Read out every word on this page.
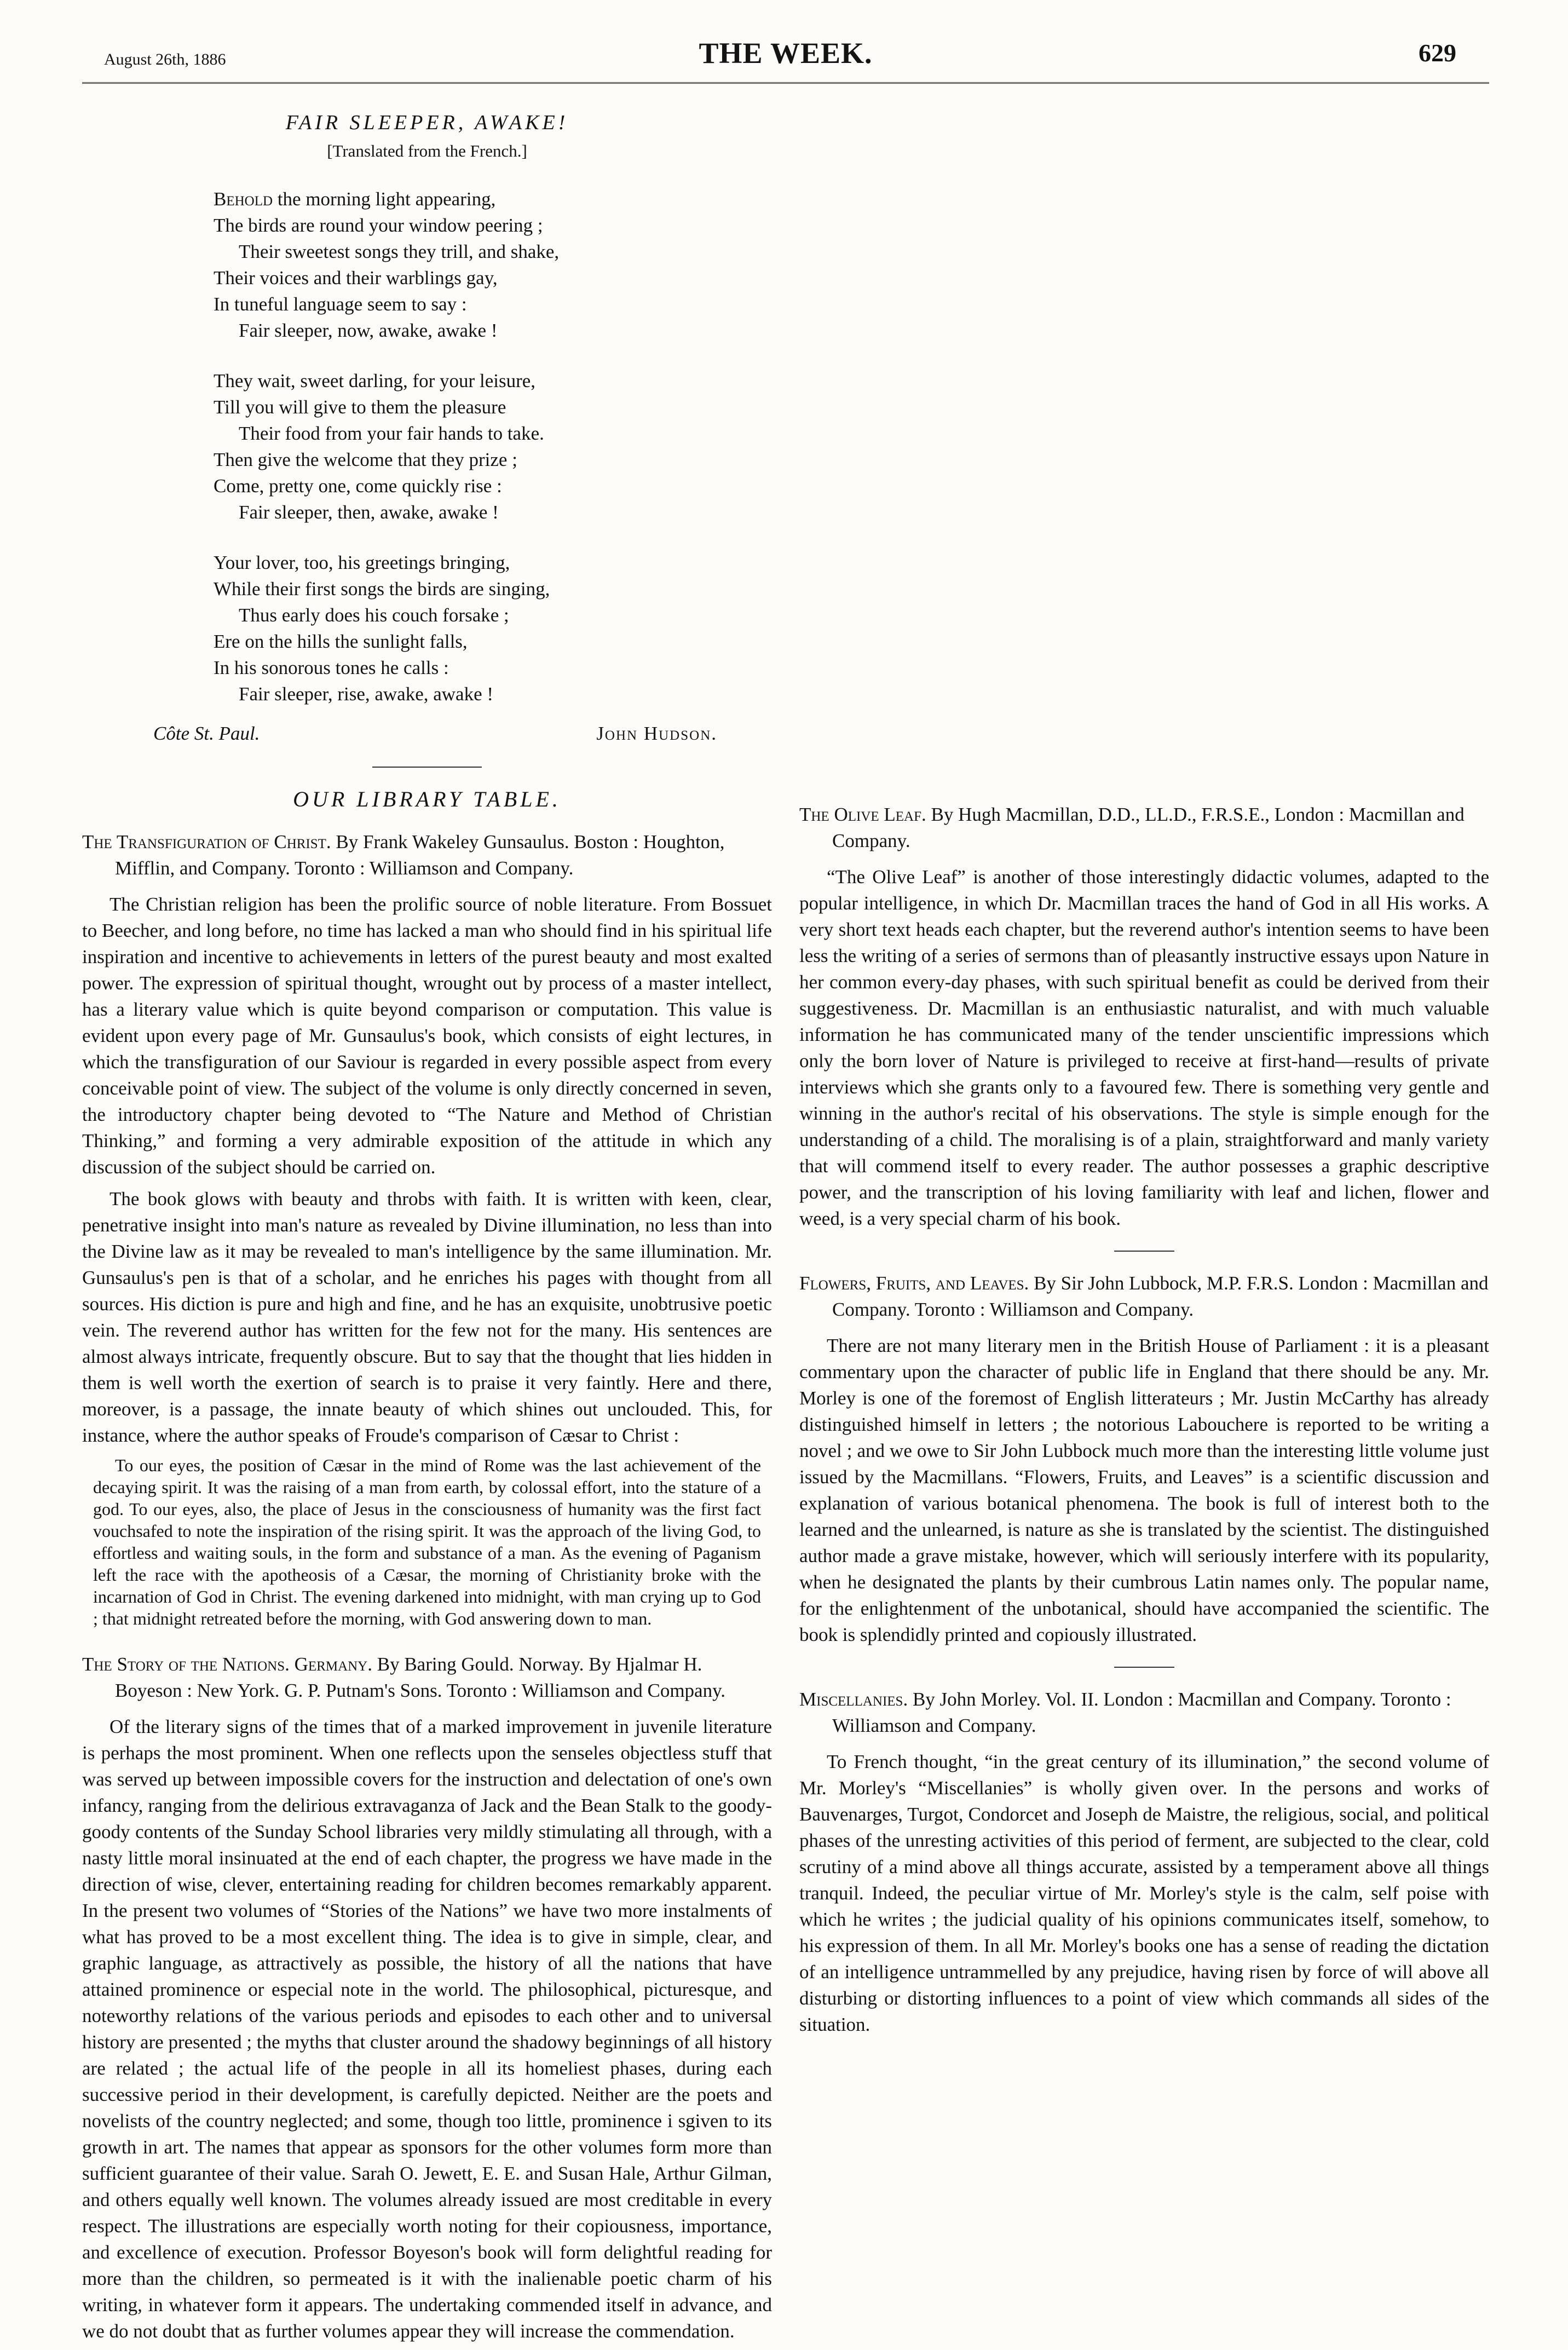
August 26th, 1886	THE WEEK.	629
FAIR SLEEPER, AWAKE!
[Translated from the French.]
Behold the morning light appearing,
The birds are round your window peering ;
Their sweetest songs they trill, and shake,
Their voices and their warblings gay,
In tuneful language seem to say :
Fair sleeper, now, awake, awake !
They wait, sweet darling, for your leisure,
Till you will give to them the pleasure
Their food from your fair hands to take.
Then give the welcome that they prize ;
Come, pretty one, come quickly rise :
Fair sleeper, then, awake, awake !
Your lover, too, his greetings bringing,
While their first songs the birds are singing,
Thus early does his couch forsake ;
Ere on the hills the sunlight falls,
In his sonorous tones he calls :
Fair sleeper, rise, awake, awake !
Côte St. Paul.	John Hudson.
OUR LIBRARY TABLE.
The Transfiguration of Christ. By Frank Wakeley Gunsaulus. Boston : Houghton, Mifflin, and Company. Toronto : Williamson and Company.

The Christian religion has been the prolific source of noble literature. From Bossuet to Beecher, and long before, no time has lacked a man who should find in his spiritual life inspiration and incentive to achievements in letters of the purest beauty and most exalted power. The expression of spiritual thought, wrought out by process of a master intellect, has a literary value which is quite beyond comparison or computation. This value is evident upon every page of Mr. Gunsaulus's book, which consists of eight lectures, in which the transfiguration of our Saviour is regarded in every possible aspect from every conceivable point of view. The subject of the volume is only directly concerned in seven, the introductory chapter being devoted to “The Nature and Method of Christian Thinking,” and forming a very admirable exposition of the attitude in which any discussion of the subject should be carried on.

The book glows with beauty and throbs with faith. It is written with keen, clear, penetrative insight into man's nature as revealed by Divine illumination, no less than into the Divine law as it may be revealed to man's intelligence by the same illumination. Mr. Gunsaulus's pen is that of a scholar, and he enriches his pages with thought from all sources. His diction is pure and high and fine, and he has an exquisite, unobtrusive poetic vein. The reverend author has written for the few not for the many. His sentences are almost always intricate, frequently obscure. But to say that the thought that lies hidden in them is well worth the exertion of search is to praise it very faintly. Here and there, moreover, is a passage, the innate beauty of which shines out unclouded. This, for instance, where the author speaks of Froude's comparison of Cæsar to Christ :

To our eyes, the position of Cæsar in the mind of Rome was the last achievement of the decaying spirit. It was the raising of a man from earth, by colossal effort, into the stature of a god. To our eyes, also, the place of Jesus in the consciousness of humanity was the first fact vouchsafed to note the inspiration of the rising spirit. It was the approach of the living God, to effortless and waiting souls, in the form and substance of a man. As the evening of Paganism left the race with the apotheosis of a Cæsar, the morning of Christianity broke with the incarnation of God in Christ. The evening darkened into midnight, with man crying up to God ; that midnight retreated before the morning, with God answering down to man.
The Story of the Nations. Germany. By Baring Gould. Norway. By Hjalmar H. Boyeson : New York. G. P. Putnam's Sons. Toronto : Williamson and Company.

Of the literary signs of the times that of a marked improvement in juvenile literature is perhaps the most prominent. When one reflects upon the senseles objectless stuff that was served up between impossible covers for the instruction and delectation of one's own infancy, ranging from the delirious extravaganza of Jack and the Bean Stalk to the goody-goody contents of the Sunday School libraries very mildly stimulating all through, with a nasty little moral insinuated at the end of each chapter, the progress we have made in the direction of wise, clever, entertaining reading for children becomes remarkably apparent. In the present two volumes of “Stories of the Nations” we have two more instalments of what has proved to be a most excellent thing. The idea is to give in simple, clear, and graphic language, as attractively as possible, the history of all the nations that have attained prominence or especial note in the world. The philosophical, picturesque, and noteworthy relations of the various periods and episodes to each other and to universal history are presented ; the myths that cluster around the shadowy beginnings of all history are related ; the actual life of the people in all its homeliest phases, during each successive period in their development, is carefully depicted. Neither are the poets and novelists of the country neglected; and some, though too little, prominence i sgiven to its growth in art. The names that appear as sponsors for the other volumes form more than sufficient guarantee of their value. Sarah O. Jewett, E. E. and Susan Hale, Arthur Gilman, and others equally well known. The volumes already issued are most creditable in every respect. The illustrations are especially worth noting for their copiousness, importance, and excellence of execution. Professor Boyeson's book will form delightful reading for more than the children, so permeated is it with the inalienable poetic charm of his writing, in whatever form it appears. The undertaking commended itself in advance, and we do not doubt that as further volumes appear they will increase the commendation.

The Olive Leaf. By Hugh Macmillan, D.D., LL.D., F.R.S.E., London : Macmillan and Company.

“The Olive Leaf” is another of those interestingly didactic volumes, adapted to the popular intelligence, in which Dr. Macmillan traces the hand of God in all His works. A very short text heads each chapter, but the reverend author's intention seems to have been less the writing of a series of sermons than of pleasantly instructive essays upon Nature in her common every-day phases, with such spiritual benefit as could be derived from their suggestiveness. Dr. Macmillan is an enthusiastic naturalist, and with much valuable information he has communicated many of the tender unscientific impressions which only the born lover of Nature is privileged to receive at first-hand—results of private interviews which she grants only to a favoured few. There is something very gentle and winning in the author's recital of his observations. The style is simple enough for the understanding of a child. The moralising is of a plain, straightforward and manly variety that will commend itself to every reader. The author possesses a graphic descriptive power, and the transcription of his loving familiarity with leaf and lichen, flower and weed, is a very special charm of his book.

Flowers, Fruits, and Leaves. By Sir John Lubbock, M.P. F.R.S. London : Macmillan and Company. Toronto : Williamson and Company.

There are not many literary men in the British House of Parliament : it is a pleasant commentary upon the character of public life in England that there should be any. Mr. Morley is one of the foremost of English litterateurs ; Mr. Justin McCarthy has already distinguished himself in letters ; the notorious Labouchere is reported to be writing a novel ; and we owe to Sir John Lubbock much more than the interesting little volume just issued by the Macmillans. “Flowers, Fruits, and Leaves” is a scientific discussion and explanation of various botanical phenomena. The book is full of interest both to the learned and the unlearned, is nature as she is translated by the scientist. The distinguished author made a grave mistake, however, which will seriously interfere with its popularity, when he designated the plants by their cumbrous Latin names only. The popular name, for the enlightenment of the unbotanical, should have accompanied the scientific. The book is splendidly printed and copiously illustrated.

Miscellanies. By John Morley. Vol. II. London : Macmillan and Company. Toronto : Williamson and Company.

To French thought, “in the great century of its illumination,” the second volume of Mr. Morley's “Miscellanies” is wholly given over. In the persons and works of Bauvenarges, Turgot, Condorcet and Joseph de Maistre, the religious, social, and political phases of the unresting activities of this period of ferment, are subjected to the clear, cold scrutiny of a mind above all things accurate, assisted by a temperament above all things tranquil. Indeed, the peculiar virtue of Mr. Morley's style is the calm, self poise with which he writes ; the judicial quality of his opinions communicates itself, somehow, to his expression of them. In all Mr. Morley's books one has a sense of reading the dictation of an intelligence untrammelled by any prejudice, having risen by force of will above all disturbing or distorting influences to a point of view which commands all sides of the situation.
